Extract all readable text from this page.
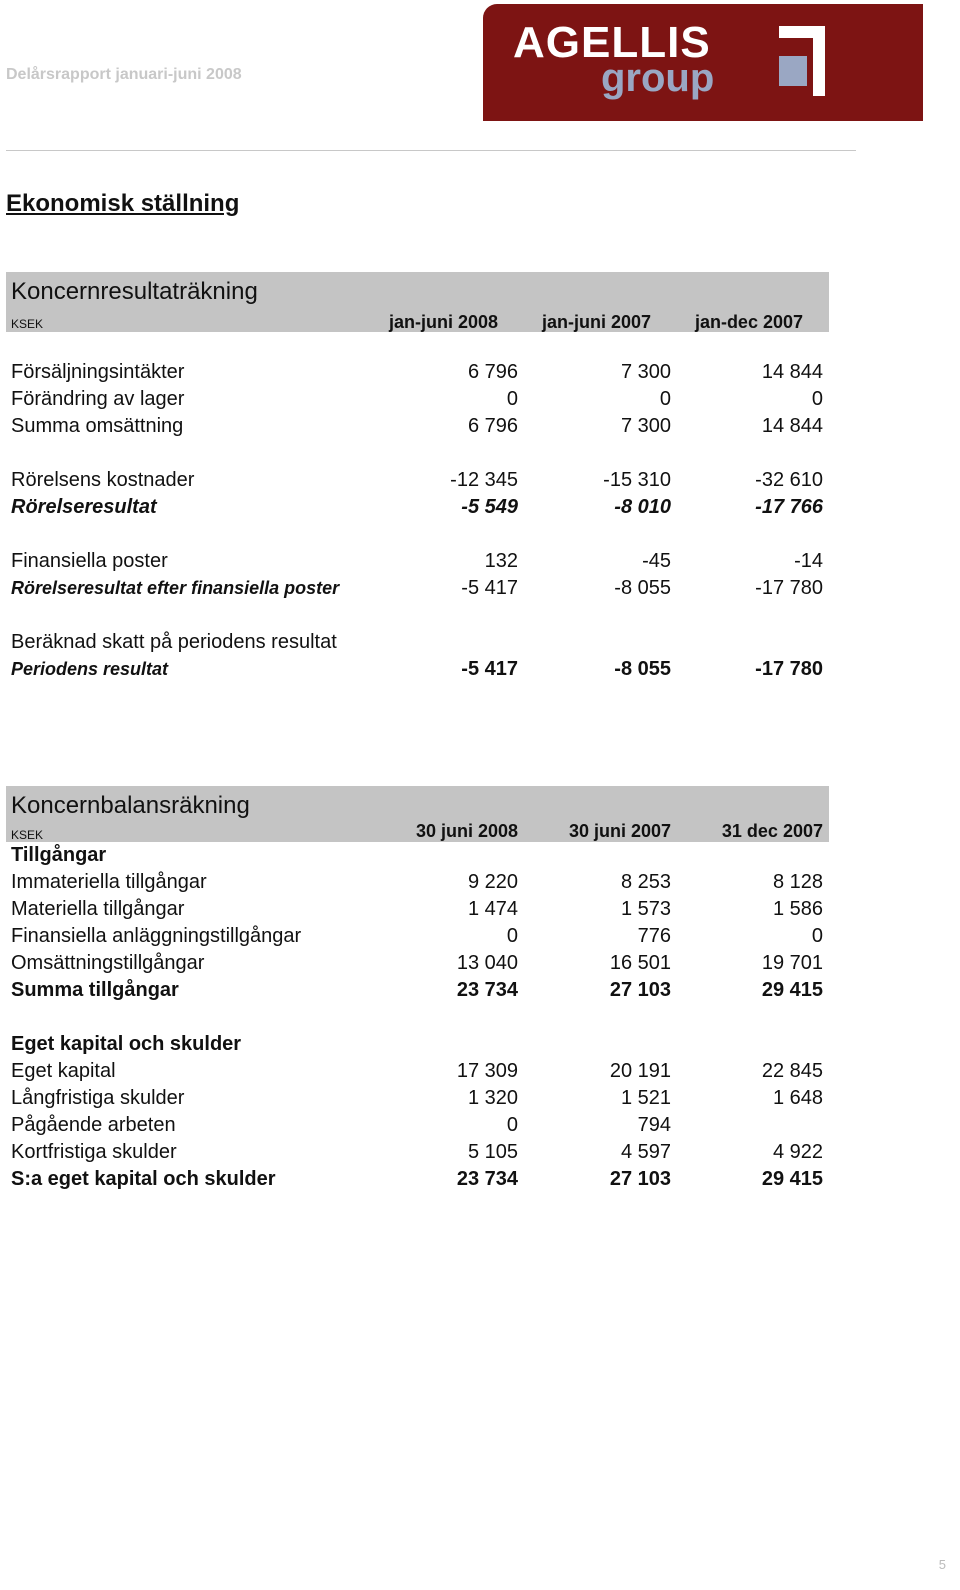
Delårsrapport januari-juni 2008
AGELLIS
group
Ekonomisk ställning
Koncernresultaträkning
KSEK	jan-juni 2008	jan-juni 2007	jan-dec 2007
Försäljningsintäkter	6 796	7 300	14 844
Förändring av lager	0	0	0
Summa omsättning	6 796	7 300	14 844
Rörelsens kostnader	-12 345	-15 310	-32 610
Rörelseresultat	-5 549	-8 010	-17 766
Finansiella poster	132	-45	-14
Rörelseresultat efter finansiella poster	-5 417	-8 055	-17 780
Beräknad skatt på periodens resultat
Periodens resultat	-5 417	-8 055	-17 780
Koncernbalansräkning
KSEK	30 juni 2008	30 juni 2007	31 dec 2007
Tillgångar
Immateriella tillgångar	9 220	8 253	8 128
Materiella tillgångar	1 474	1 573	1 586
Finansiella anläggningstillgångar	0	776	0
Omsättningstillgångar	13 040	16 501	19 701
Summa tillgångar	23 734	27 103	29 415
Eget kapital och skulder
Eget kapital	17 309	20 191	22 845
Långfristiga skulder	1 320	1 521	1 648
Pågående arbeten	0	794
Kortfristiga skulder	5 105	4 597	4 922
S:a eget kapital och skulder	23 734	27 103	29 415
5
